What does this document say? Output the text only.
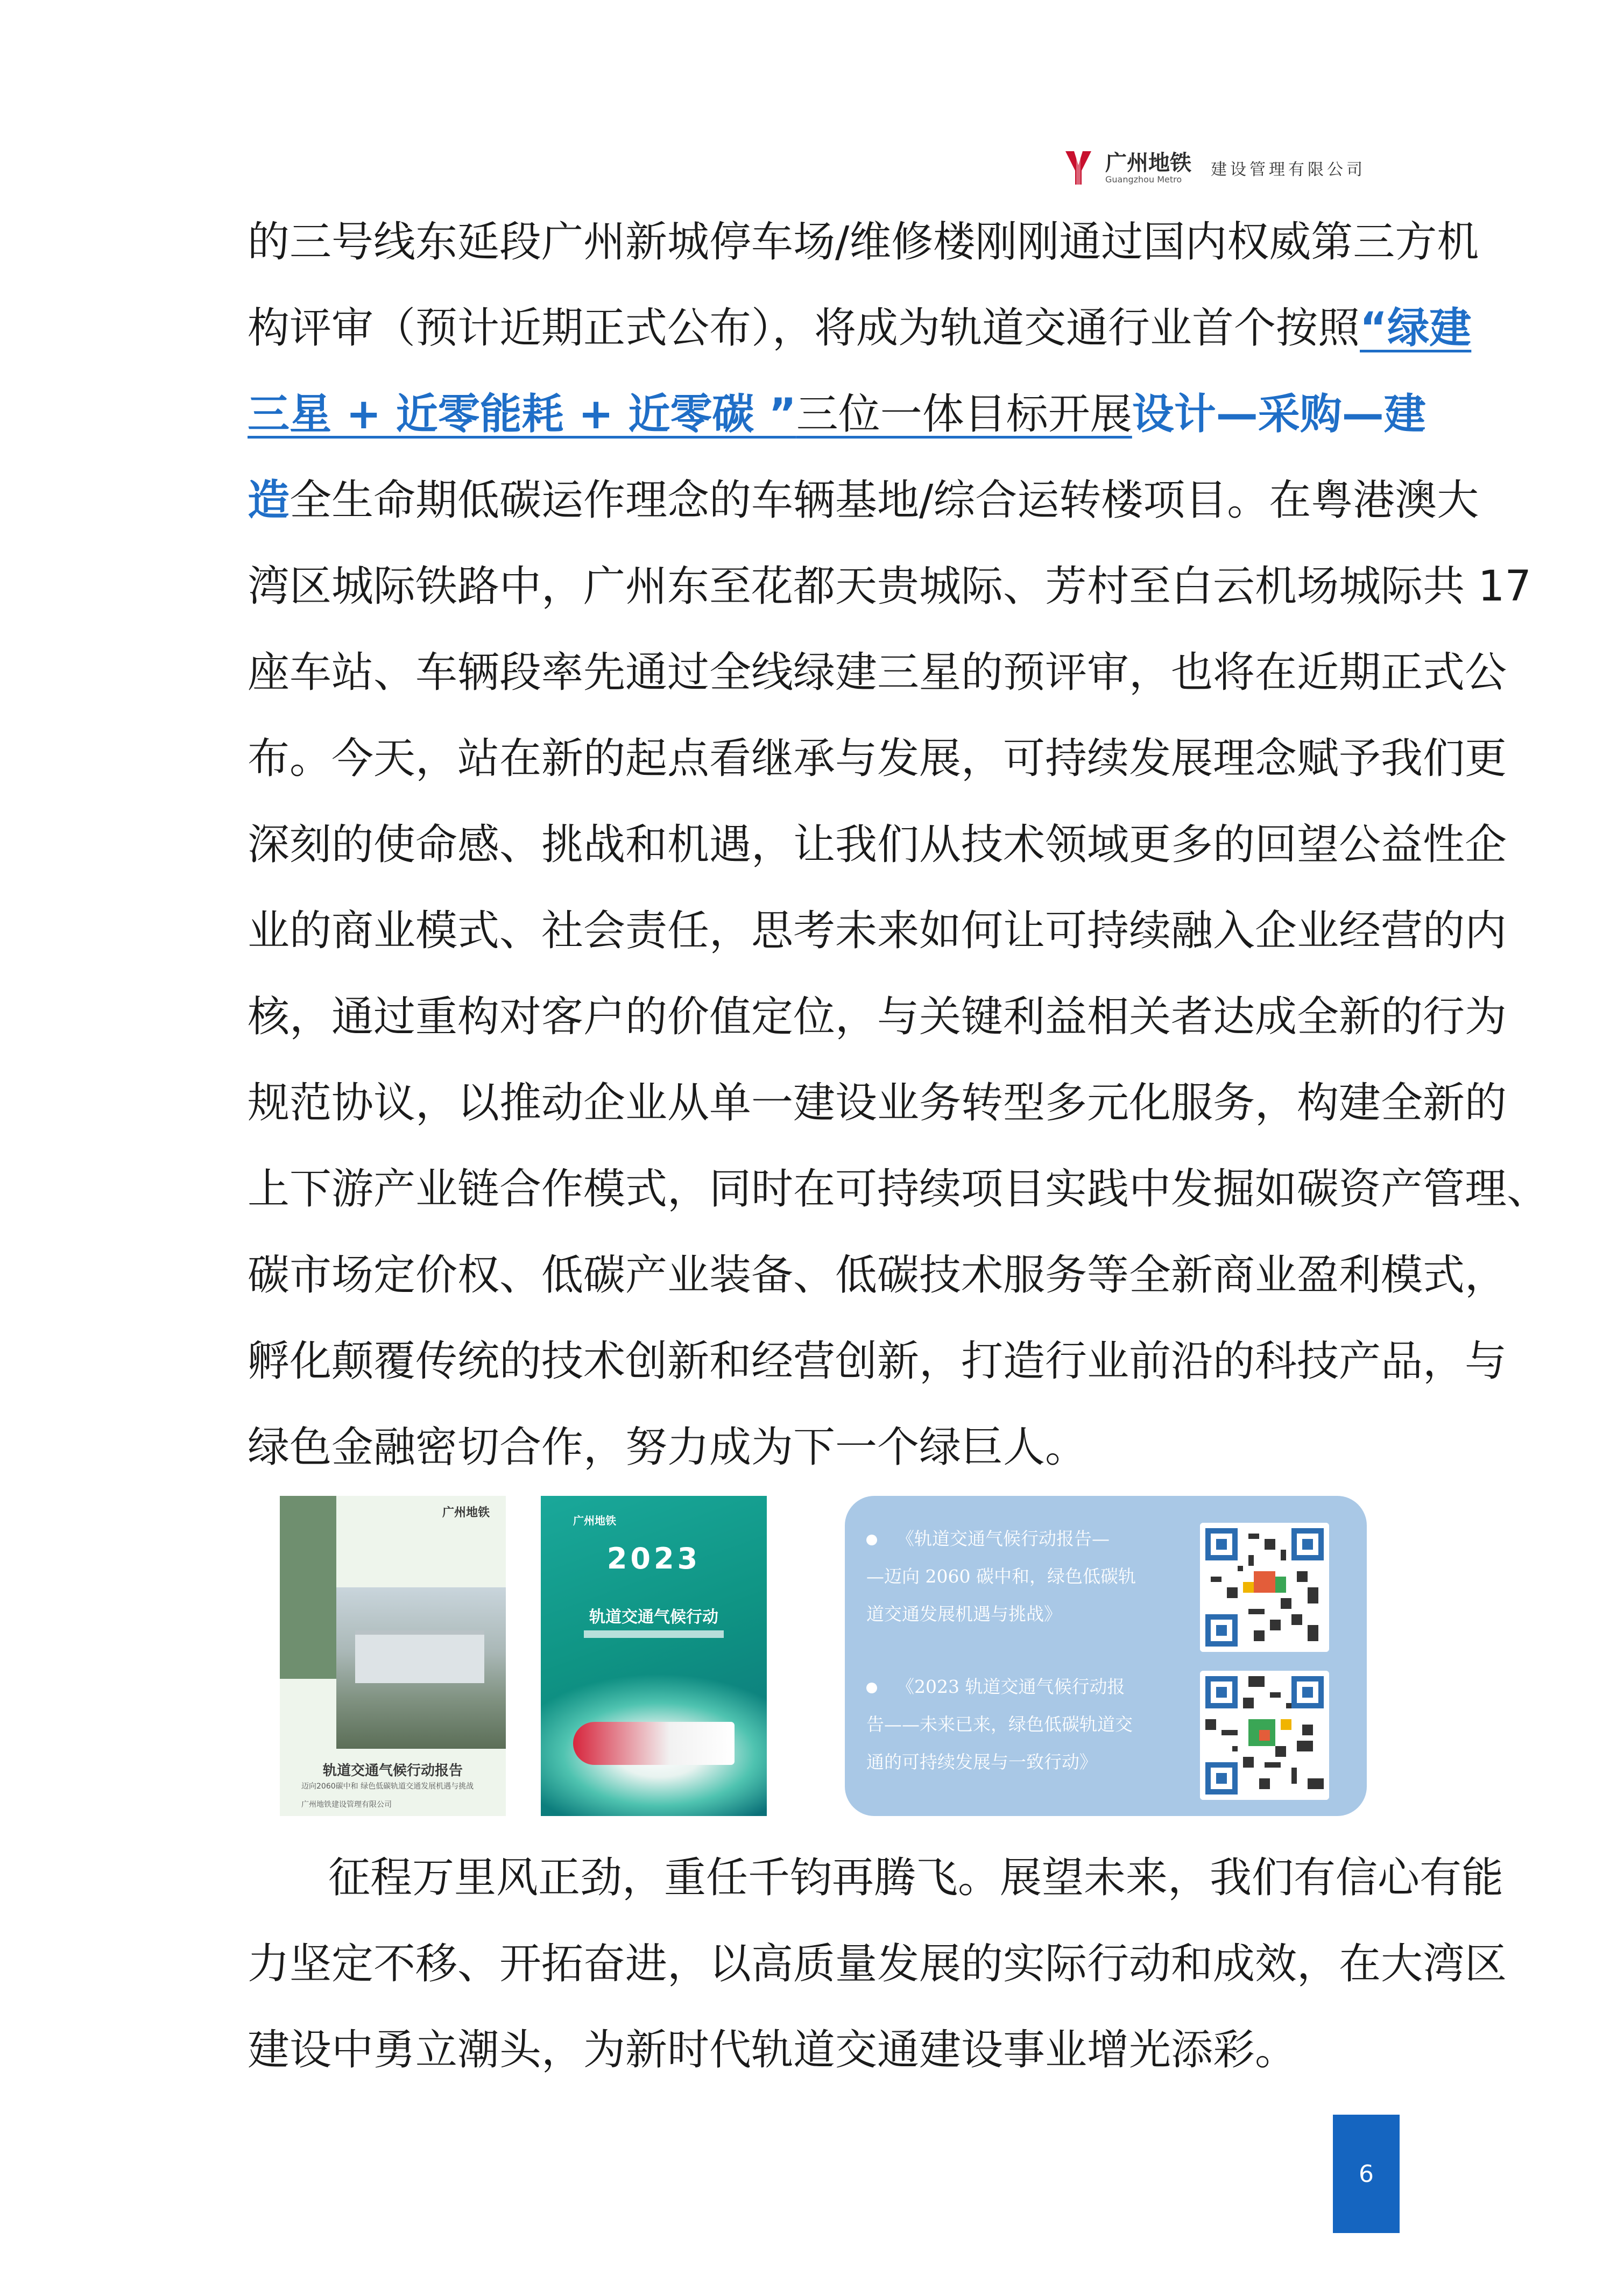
广州地铁
Guangzhou Metro
建设管理有限公司
的三号线东延段广州新城停车场/维修楼刚刚通过国内权威第三方机
构评审（预计近期正式公布），将成为轨道交通行业首个按照“绿建
三星 + 近零能耗 + 近零碳 ”三位一体目标开展设计—采购—建
造全生命期低碳运作理念的车辆基地/综合运转楼项目。在粤港澳大
湾区城际铁路中，广州东至花都天贵城际、芳村至白云机场城际共 17
座车站、车辆段率先通过全线绿建三星的预评审，也将在近期正式公
布。今天，站在新的起点看继承与发展，可持续发展理念赋予我们更
深刻的使命感、挑战和机遇，让我们从技术领域更多的回望公益性企
业的商业模式、社会责任，思考未来如何让可持续融入企业经营的内
核，通过重构对客户的价值定位，与关键利益相关者达成全新的行为
规范协议，以推动企业从单一建设业务转型多元化服务，构建全新的
上下游产业链合作模式，同时在可持续项目实践中发掘如碳资产管理、
碳市场定价权、低碳产业装备、低碳技术服务等全新商业盈利模式，
孵化颠覆传统的技术创新和经营创新，打造行业前沿的科技产品，与
绿色金融密切合作，努力成为下一个绿巨人。
广州地铁
轨道交通气候行动报告
迈向2060碳中和 绿色低碳轨道交通发展机遇与挑战
广州地铁建设管理有限公司
广州地铁
2023
轨道交通气候行动

《轨道交通气候行动报告—

—迈向 2060 碳中和，绿色低碳轨

道交通发展机遇与挑战》

《2023 轨道交通气候行动报

告——未来已来，绿色低碳轨道交

通的可持续发展与一致行动》

征程万里风正劲，重任千钧再腾飞。展望未来，我们有信心有能
力坚定不移、开拓奋进，以高质量发展的实际行动和成效，在大湾区
建设中勇立潮头，为新时代轨道交通建设事业增光添彩。
6
